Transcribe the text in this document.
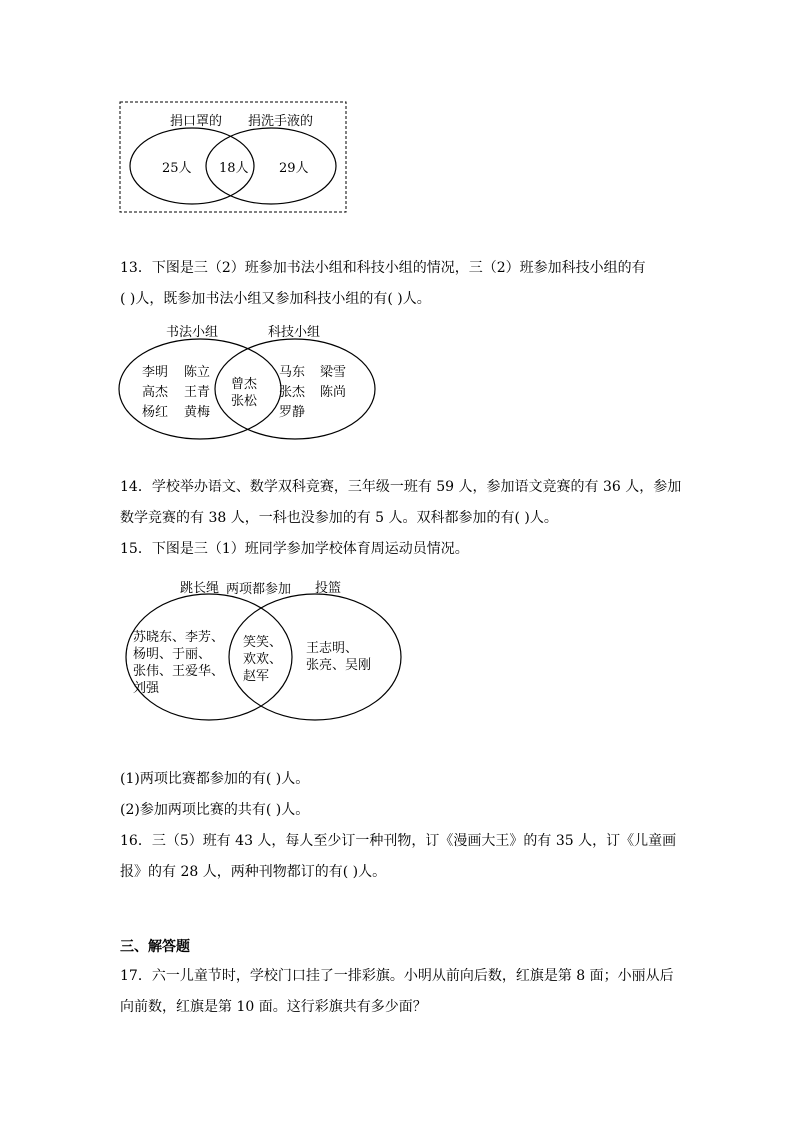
捐口罩的 捐洗手液的
25人 18人 29人
13．下图是三（2）班参加书法小组和科技小组的情况，三（2）班参加科技小组的有
( )人，既参加书法小组又参加科技小组的有( )人。
书法小组	科技小组
李明 陈立
高杰 王青
杨红 黄梅
曾杰
张松
马东 梁雪
张杰 陈尚
罗静
14．学校举办语文、数学双科竞赛，三年级一班有 59 人，参加语文竞赛的有 36 人，参加
数学竞赛的有 38 人，一科也没参加的有 5 人。双科都参加的有( )人。
15．下图是三（1）班同学参加学校体育周运动员情况。
跳长绳 两项都参加 投篮
苏晓东、李芳、
杨明、于丽、
张伟、王爱华、
刘强
笑笑、
欢欢、
赵军
王志明、
张亮、吴刚
(1)两项比赛都参加的有( )人。
(2)参加两项比赛的共有( )人。
16．三（5）班有 43 人，每人至少订一种刊物，订《漫画大王》的有 35 人，订《儿童画
报》的有 28 人，两种刊物都订的有( )人。
三、解答题
17．六一儿童节时，学校门口挂了一排彩旗。小明从前向后数，红旗是第 8 面；小丽从后
向前数，红旗是第 10 面。这行彩旗共有多少面？
